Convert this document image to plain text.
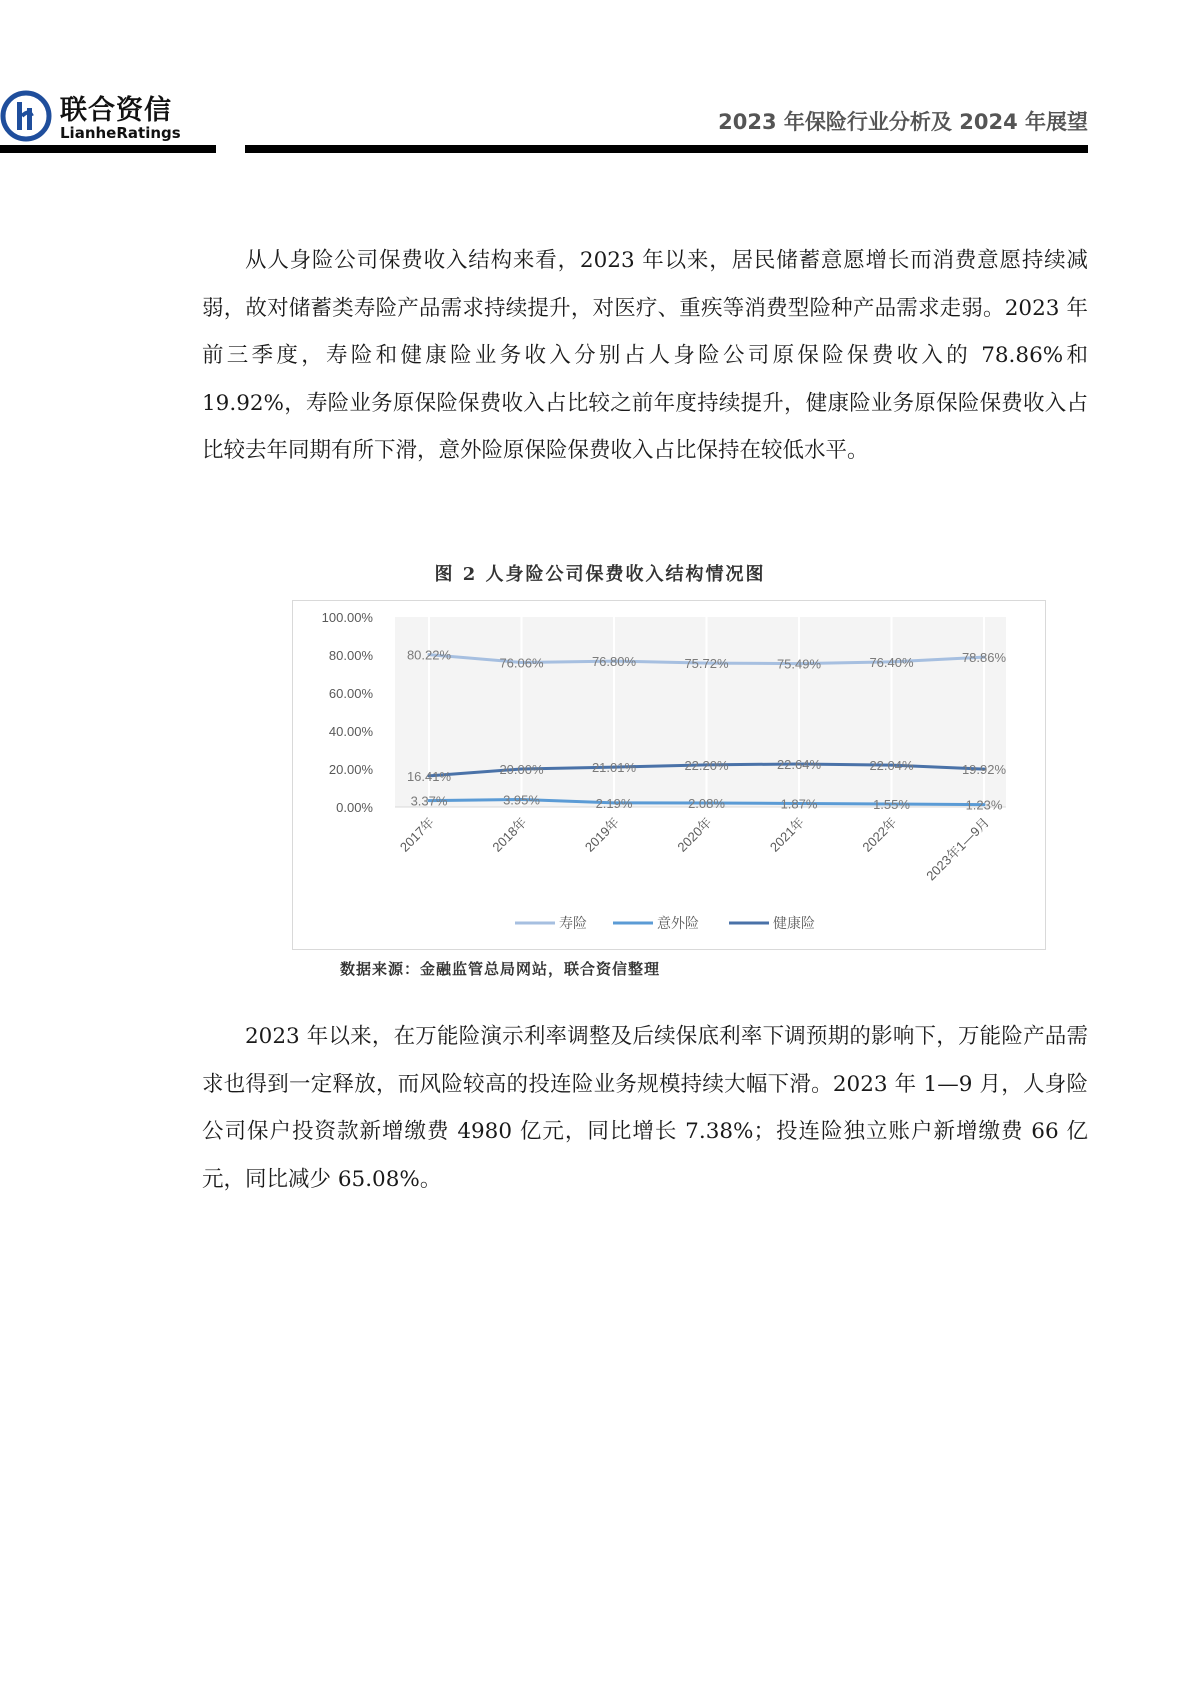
联合资信
LianheRatings	2023 年保险行业分析及 2024 年展望

从人身险公司保费收入结构来看，2023 年以来，居民储蓄意愿增长而消费意愿持续减弱，故对储蓄类寿险产品需求持续提升，对医疗、重疾等消费型险种产品需求走弱。2023 年前三季度，寿险和健康险业务收入分别占人身险公司原保险保费收入的 78.86%和 19.92%，寿险业务原保险保费收入占比较之前年度持续提升，健康险业务原保险保费收入占比较去年同期有所下滑，意外险原保险保费收入占比保持在较低水平。

图 2 人身险公司保费收入结构情况图
100.00%
80.00%
60.00%
40.00%
20.00%
0.00%
2017年	2018年	2019年	2020年	2021年	2022年 2023年1—9月
80.22%
76.06%	76.80%	75.72%	75.49%	76.40%	78.86%
3.37%	3.95%	2.19%	2.08%	1.87%	1.55%	1.23%
16.41%	20.00%	21.01%	22.20%	22.64%	22.04%	19.92%
寿险	意外险	健康险
数据来源：金融监管总局网站，联合资信整理

2023 年以来，在万能险演示利率调整及后续保底利率下调预期的影响下，万能险产品需求也得到一定释放，而风险较高的投连险业务规模持续大幅下滑。2023 年 1—9 月，人身险公司保户投资款新增缴费 4980 亿元，同比增长 7.38%；投连险独立账户新增缴费 66 亿元，同比减少 65.08%。
